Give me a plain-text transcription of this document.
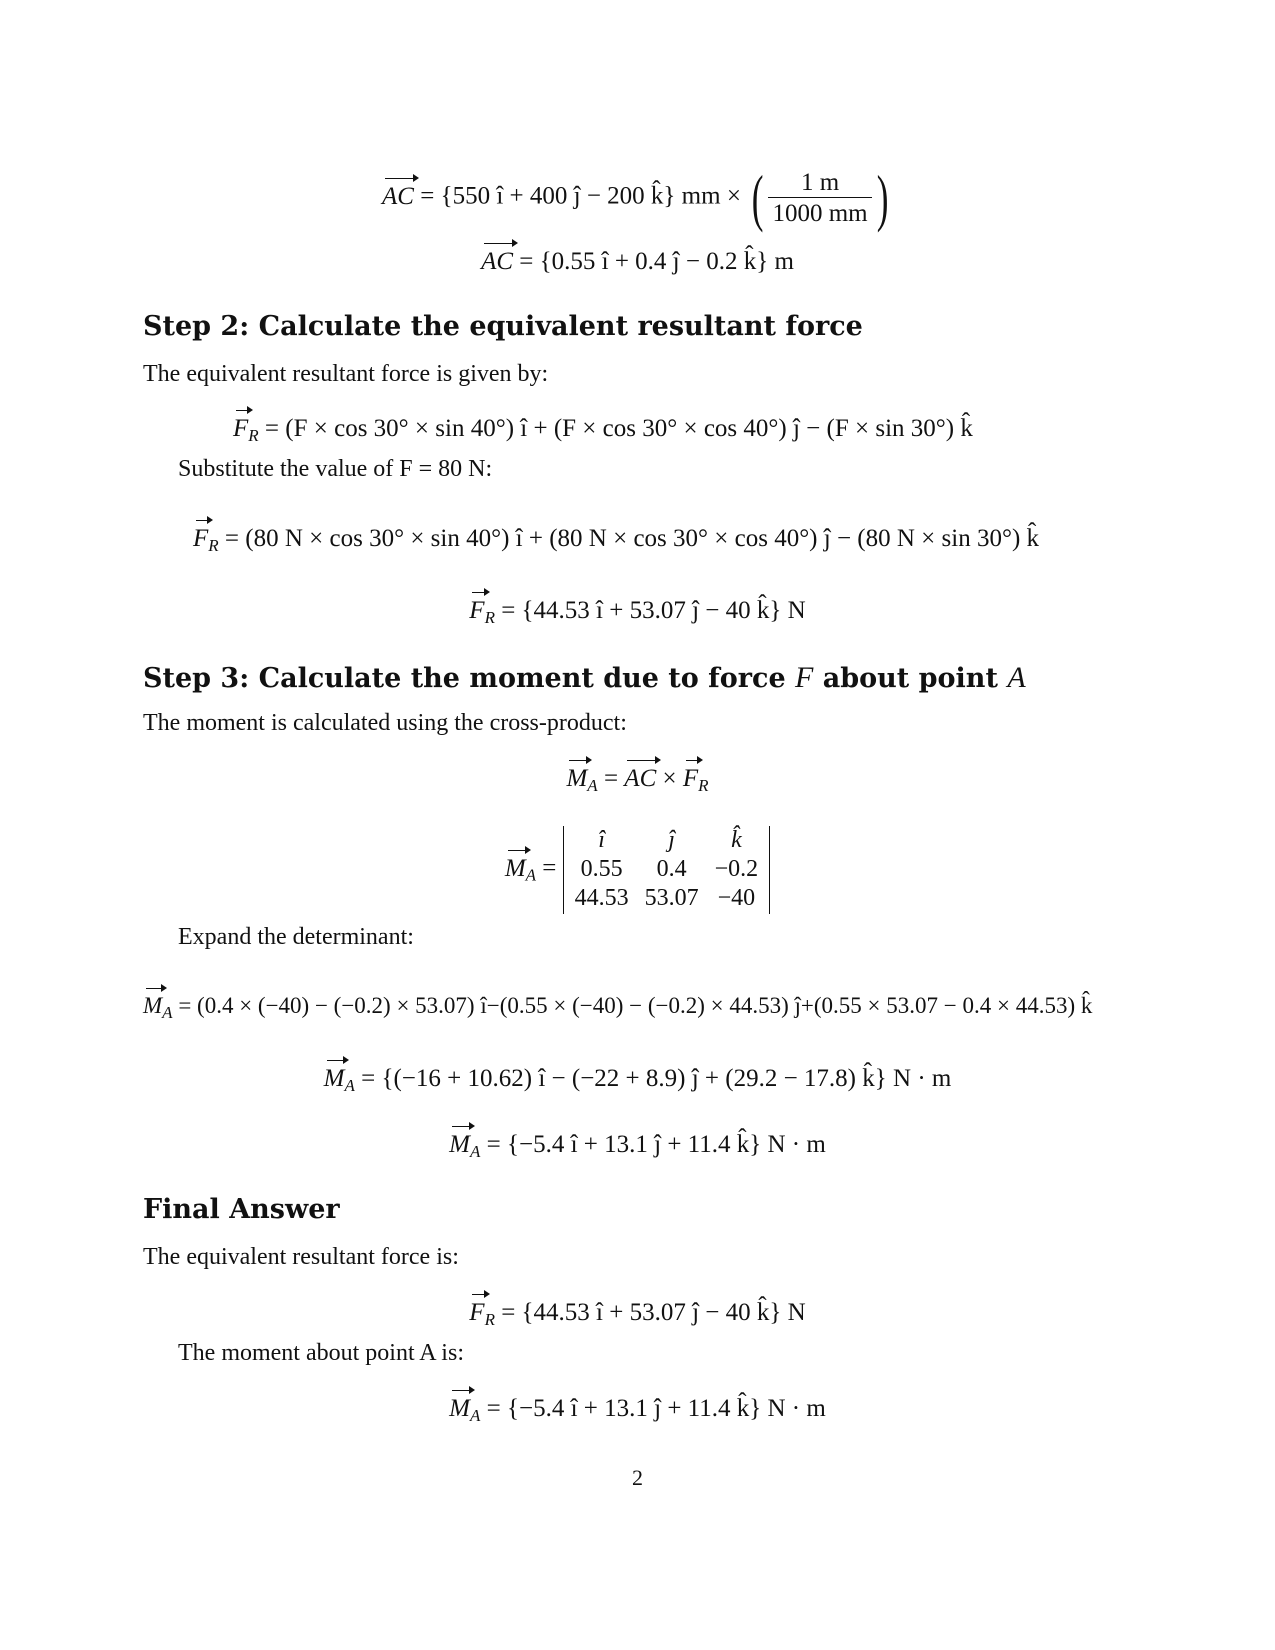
AC = {550 î + 400 ĵ − 200 k̂} mm × ( $\frac{1 m}{1000 mm}$ )
AC = {0.55 î + 0.4 ĵ − 0.2 k̂} m
Step 2: Calculate the equivalent resultant force
The equivalent resultant force is given by:
$F_R = (F \times \cos 30^\circ \times \sin 40^\circ)$ î + (F × cos 30° × cos 40°) ĵ − (F × sin 30°) k̂
Substitute the value of F = 80 N:
$F_R = (80$ N × cos 30° × sin 40°) î + (80 N × cos 30° × cos 40°) ĵ − (80 N × sin 30°) k̂
$F_R = \{44.53$ î + 53.07 ĵ − 40 k̂} N
Step 3: Calculate the moment due to force F about point A
The moment is calculated using the cross-product:
$M_A$ = AC × $F_R$
$M_A$ =
î	ĵ	k̂
0.55	0.4	−0.2
44.53	53.07	−40
Expand the determinant:
$M_A = (0.4 \times (-40) - (-0.2) \times 53.07)$ î−(0.55 × (−40) − (−0.2) × 44.53) ĵ+(0.55 × 53.07 − 0.4 × 44.53) k̂
$M_A = \{(-16 + 10.62)$ î − (−22 + 8.9) ĵ + (29.2 − 17.8) k̂} N · m
$M_A = \{-5.4$ î + 13.1 ĵ + 11.4 k̂} N · m
Final Answer
The equivalent resultant force is:
$F_R = \{44.53$ î + 53.07 ĵ − 40 k̂} N
The moment about point A is:
$M_A = \{-5.4$ î + 13.1 ĵ + 11.4 k̂} N · m
2
